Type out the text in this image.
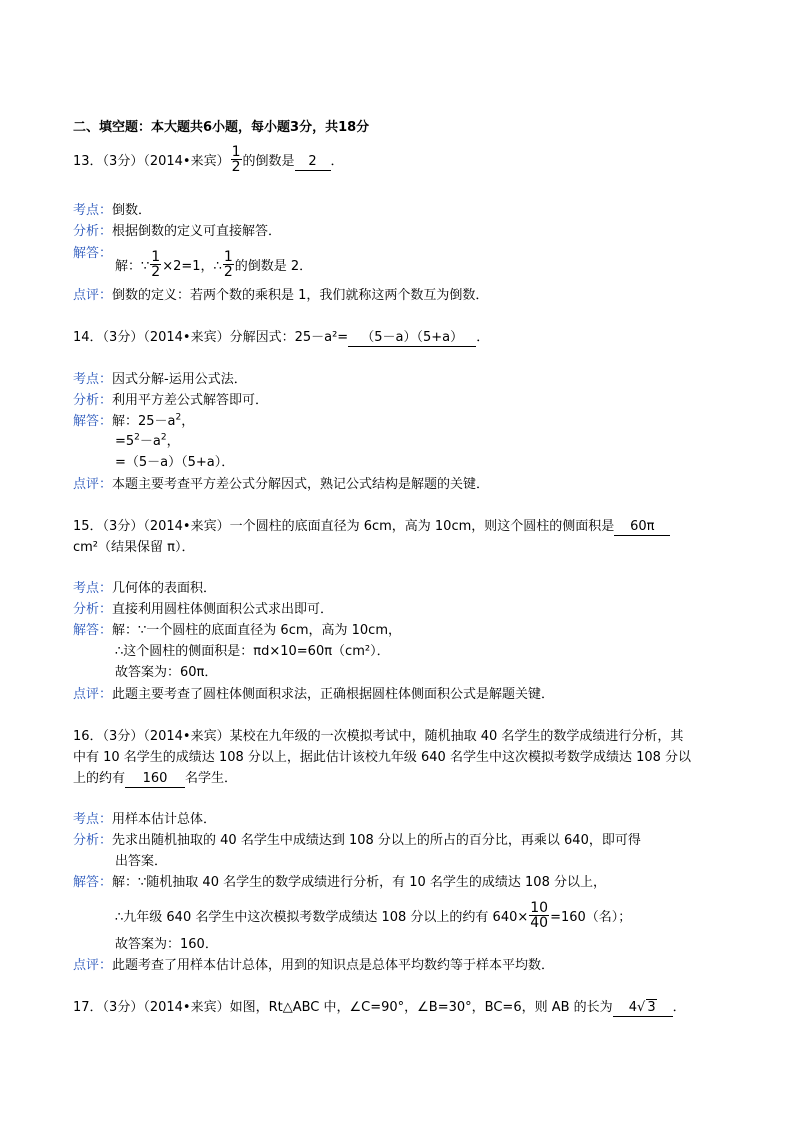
二、填空题：本大题共6小题，每小题3分，共18分
13．（3分）（2014•来宾） $\frac{1}{2}$ 的倒数是 2 ．
考点：倒数．
分析：根据倒数的定义可直接解答．
解答：
解：∵ $\frac{1}{2} \times 2=1$，∴ $\frac{1}{2}$ 的倒数是 2．
点评：倒数的定义：若两个数的乘积是 1，我们就称这两个数互为倒数．
14．（3分）（2014•来宾）分解因式：25－a²= （5－a）（5+a） ．
考点：因式分解-运用公式法．
分析：利用平方差公式解答即可．
解答：解：$25-a^2$，
$=5^2-a^2$，
=（5－a）（5+a）．
点评：本题主要考查平方差公式分解因式，熟记公式结构是解题的关键．
15．（3分）（2014•来宾）一个圆柱的底面直径为 6cm，高为 10cm，则这个圆柱的侧面积是 60π
cm²（结果保留 π）．
考点：几何体的表面积．
分析：直接利用圆柱体侧面积公式求出即可．
解答：解：∵一个圆柱的底面直径为 6cm，高为 10cm，
∴这个圆柱的侧面积是：πd×10=60π（cm²）．
故答案为：60π．
点评：此题主要考查了圆柱体侧面积求法，正确根据圆柱体侧面积公式是解题关键．
16．（3分）（2014•来宾）某校在九年级的一次模拟考试中，随机抽取 40 名学生的数学成绩进行分析，其
中有 10 名学生的成绩达 108 分以上，据此估计该校九年级 640 名学生中这次模拟考数学成绩达 108 分以
上的约有 160 名学生．
考点：用样本估计总体．
分析：先求出随机抽取的 40 名学生中成绩达到 108 分以上的所占的百分比，再乘以 640，即可得
出答案．
解答：解：∵随机抽取 40 名学生的数学成绩进行分析，有 10 名学生的成绩达 108 分以上，
∴九年级 640 名学生中这次模拟考数学成绩达 108 分以上的约有 $640\times \frac{10}{40} =160$（名）；
故答案为：160．
点评：此题考查了用样本估计总体，用到的知识点是总体平均数约等于样本平均数．
17．（3分）（2014•来宾）如图，Rt△ABC 中，∠C=90°，∠B=30°，BC=6，则 AB 的长为 4√ 3 ．
